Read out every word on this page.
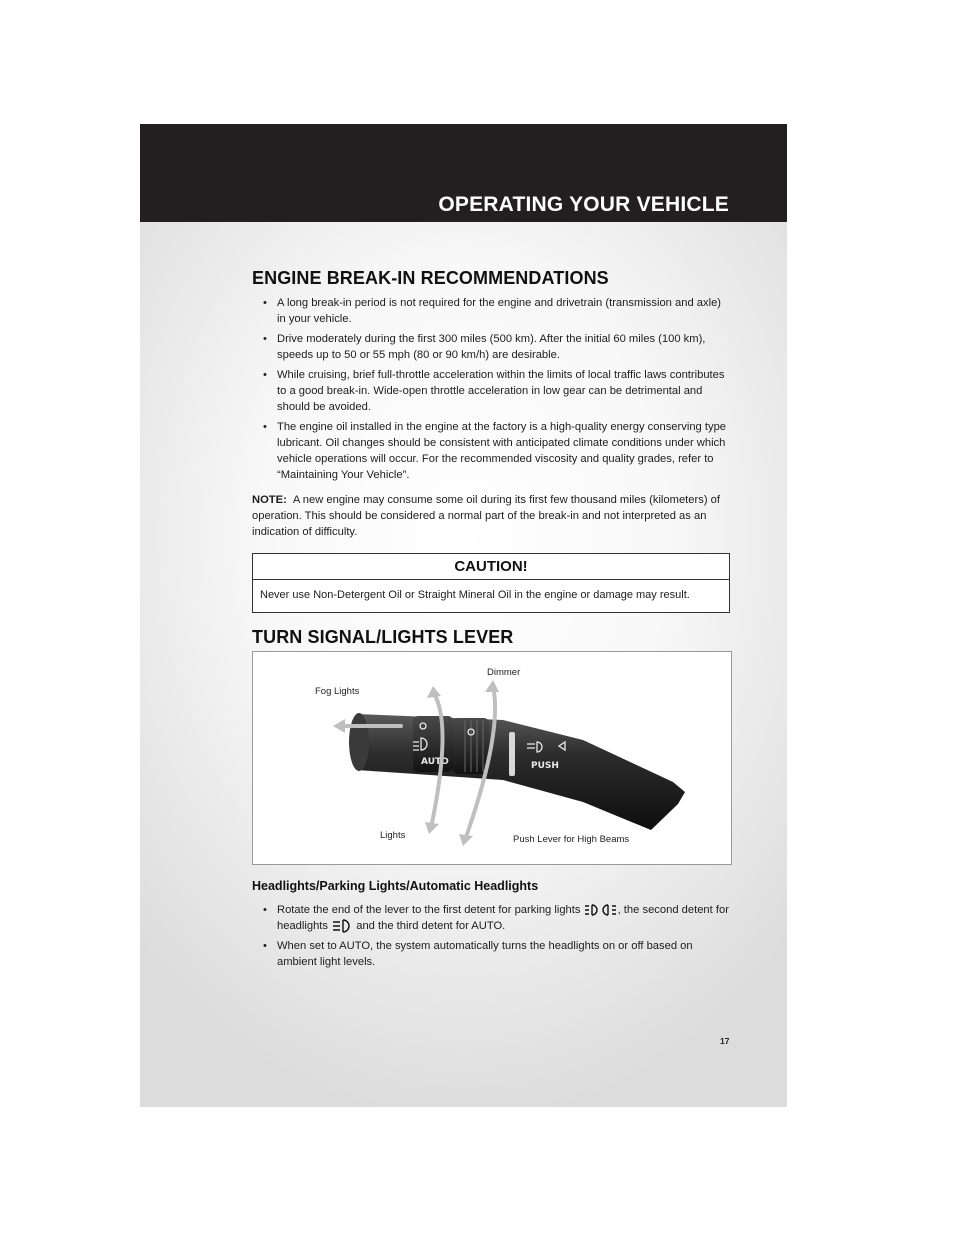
OPERATING YOUR VEHICLE
ENGINE BREAK-IN RECOMMENDATIONS
• A long break-in period is not required for the engine and drivetrain (transmission and axle) in your vehicle.
• Drive moderately during the first 300 miles (500 km). After the initial 60 miles (100 km), speeds up to 50 or 55 mph (80 or 90 km/h) are desirable.
• While cruising, brief full-throttle acceleration within the limits of local traffic laws contributes to a good break-in. Wide-open throttle acceleration in low gear can be detrimental and should be avoided.
• The engine oil installed in the engine at the factory is a high-quality energy conserving type lubricant. Oil changes should be consistent with anticipated climate conditions under which vehicle operations will occur. For the recommended viscosity and quality grades, refer to “Maintaining Your Vehicle”.

NOTE: A new engine may consume some oil during its first few thousand miles (kilometers) of operation. This should be considered a normal part of the break-in and not interpreted as an indication of difficulty.

CAUTION!
Never use Non-Detergent Oil or Straight Mineral Oil in the engine or damage may result.
TURN SIGNAL/LIGHTS LEVER
AUTO	PUSH
Fog Lights
Dimmer
Lights	Push Lever for High Beams
Headlights/Parking Lights/Automatic Headlights
• Rotate the end of the lever to the first detent for parking lights	, the second detent for headlights	and the third detent for AUTO.
• When set to AUTO, the system automatically turns the headlights on or off based on ambient light levels.
17
